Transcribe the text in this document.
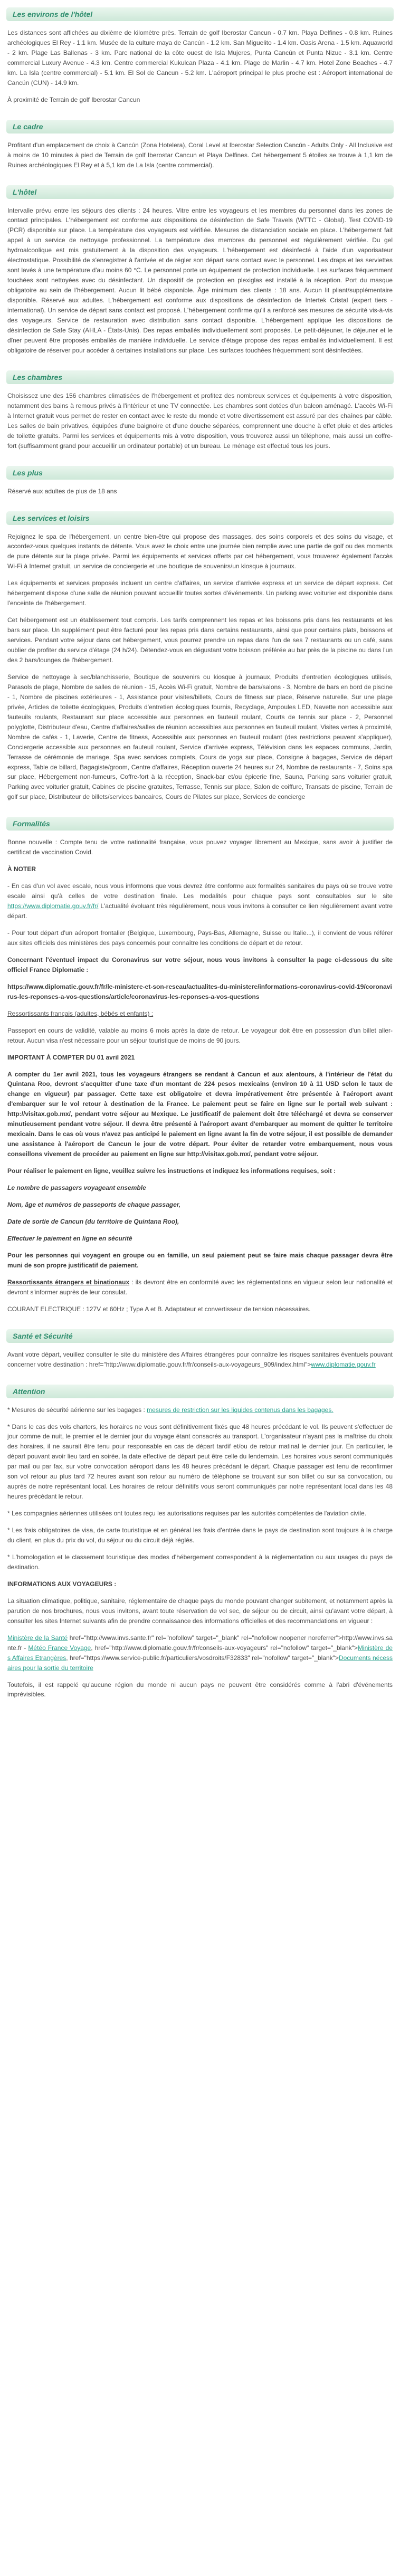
Les environs de l'hôtel

Les distances sont affichées au dixième de kilomètre près. Terrain de golf Iberostar Cancun - 0.7 km. Playa Delfines - 0.8 km. Ruines archéologiques El Rey - 1.1 km. Musée de la culture maya de Cancún - 1.2 km. San Miguelito - 1.4 km. Oasis Arena - 1.5 km. Aquaworld - 2 km. Plage Las Ballenas - 3 km. Parc national de la côte ouest de Isla Mujeres, Punta Cancún et Punta Nizuc - 3.1 km. Centre commercial Luxury Avenue - 4.3 km. Centre commercial Kukulcan Plaza - 4.1 km. Plage de Marlin - 4.7 km. Hotel Zone Beaches - 4.7 km. La Isla (centre commercial) - 5.1 km. El Sol de Cancun - 5.2 km. L'aéroport principal le plus proche est : Aéroport international de Cancún (CUN) - 14.9 km.

À proximité de Terrain de golf Iberostar Cancun

Le cadre

Profitant d'un emplacement de choix à Cancún (Zona Hotelera), Coral Level at Iberostar Selection Cancún - Adults Only - All Inclusive est à moins de 10 minutes à pied de Terrain de golf Iberostar Cancun et Playa Delfines. Cet hébergement 5 étoiles se trouve à 1,1 km de Ruines archéologiques El Rey et à 5,1 km de La Isla (centre commercial).

L'hôtel

Intervalle prévu entre les séjours des clients : 24 heures. Vitre entre les voyageurs et les membres du personnel dans les zones de contact principales. L'hébergement est conforme aux dispositions de désinfection de Safe Travels (WTTC - Global). Test COVID-19 (PCR) disponible sur place. La température des voyageurs est vérifiée. Mesures de distanciation sociale en place. L'hébergement fait appel à un service de nettoyage professionnel. La température des membres du personnel est régulièrement vérifiée. Du gel hydroalcoolique est mis gratuitement à la disposition des voyageurs. L'hébergement est désinfecté à l'aide d'un vaporisateur électrostatique. Possibilité de s'enregistrer à l'arrivée et de régler son départ sans contact avec le personnel. Les draps et les serviettes sont lavés à une température d'au moins 60 °C. Le personnel porte un équipement de protection individuelle. Les surfaces fréquemment touchées sont nettoyées avec du désinfectant. Un dispositif de protection en plexiglas est installé à la réception. Port du masque obligatoire au sein de l'hébergement. Aucun lit bébé disponible. Âge minimum des clients : 18 ans. Aucun lit pliant/supplémentaire disponible. Réservé aux adultes. L'hébergement est conforme aux dispositions de désinfection de Intertek Cristal (expert tiers - international). Un service de départ sans contact est proposé. L'hébergement confirme qu'il a renforcé ses mesures de sécurité vis-à-vis des voyageurs. Service de restauration avec distribution sans contact disponible. L'hébergement applique les dispositions de désinfection de Safe Stay (AHLA - États-Unis). Des repas emballés individuellement sont proposés. Le petit-déjeuner, le déjeuner et le dîner peuvent être proposés emballés de manière individuelle. Le service d'étage propose des repas emballés individuellement. Il est obligatoire de réserver pour accéder à certaines installations sur place. Les surfaces touchées fréquemment sont désinfectées.

Les chambres

Choisissez une des 156 chambres climatisées de l'hébergement et profitez des nombreux services et équipements à votre disposition, notamment des bains à remous privés à l'intérieur et une TV connectée. Les chambres sont dotées d'un balcon aménagé. L'accès Wi-Fi à Internet gratuit vous permet de rester en contact avec le reste du monde et votre divertissement est assuré par des chaînes par câble. Les salles de bain privatives, équipées d'une baignoire et d'une douche séparées, comprennent une douche à effet pluie et des articles de toilette gratuits. Parmi les services et équipements mis à votre disposition, vous trouverez aussi un téléphone, mais aussi un coffre-fort (suffisamment grand pour accueillir un ordinateur portable) et un bureau. Le ménage est effectué tous les jours.

Les plus

Réservé aux adultes de plus de 18 ans

Les services et loisirs

Rejoignez le spa de l'hébergement, un centre bien-être qui propose des massages, des soins corporels et des soins du visage, et accordez-vous quelques instants de détente. Vous avez le choix entre une journée bien remplie avec une partie de golf ou des moments de pure détente sur la plage privée. Parmi les équipements et services offerts par cet hébergement, vous trouverez également l'accès Wi-Fi à Internet gratuit, un service de conciergerie et une boutique de souvenirs/un kiosque à journaux.

Les équipements et services proposés incluent un centre d'affaires, un service d'arrivée express et un service de départ express. Cet hébergement dispose d'une salle de réunion pouvant accueillir toutes sortes d'événements. Un parking avec voiturier est disponible dans l'enceinte de l'hébergement.

Cet hébergement est un établissement tout compris. Les tarifs comprennent les repas et les boissons pris dans les restaurants et les bars sur place. Un supplément peut être facturé pour les repas pris dans certains restaurants, ainsi que pour certains plats, boissons et services. Pendant votre séjour dans cet hébergement, vous pourrez prendre un repas dans l'un de ses 7 restaurants ou un café, sans oublier de profiter du service d'étage (24 h/24). Détendez-vous en dégustant votre boisson préférée au bar près de la piscine ou dans l'un des 2 bars/lounges de l'hébergement.

Service de nettoyage à sec/blanchisserie, Boutique de souvenirs ou kiosque à journaux, Produits d'entretien écologiques utilisés, Parasols de plage, Nombre de salles de réunion - 15, Accès Wi-Fi gratuit, Nombre de bars/salons - 3, Nombre de bars en bord de piscine - 1, Nombre de piscines extérieures - 1, Assistance pour visites/billets, Cours de fitness sur place, Réserve naturelle, Sur une plage privée, Articles de toilette écologiques, Produits d'entretien écologiques fournis, Recyclage, Ampoules LED, Navette non accessible aux fauteuils roulants, Restaurant sur place accessible aux personnes en fauteuil roulant, Courts de tennis sur place - 2, Personnel polyglotte, Distributeur d'eau, Centre d'affaires/salles de réunion accessibles aux personnes en fauteuil roulant, Visites vertes à proximité, Nombre de cafés - 1, Laverie, Centre de fitness, Accessible aux personnes en fauteuil roulant (des restrictions peuvent s'appliquer), Conciergerie accessible aux personnes en fauteuil roulant, Service d'arrivée express, Télévision dans les espaces communs, Jardin, Terrasse de cérémonie de mariage, Spa avec services complets, Cours de yoga sur place, Consigne à bagages, Service de départ express, Table de billard, Bagagiste/groom, Centre d'affaires, Réception ouverte 24 heures sur 24, Nombre de restaurants - 7, Soins spa sur place, Hébergement non-fumeurs, Coffre-fort à la réception, Snack-bar et/ou épicerie fine, Sauna, Parking sans voiturier gratuit, Parking avec voiturier gratuit, Cabines de piscine gratuites, Terrasse, Tennis sur place, Salon de coiffure, Transats de piscine, Terrain de golf sur place, Distributeur de billets/services bancaires, Cours de Pilates sur place, Services de concierge

Formalités

Bonne nouvelle : Compte tenu de votre nationalité française, vous pouvez voyager librement au Mexique, sans avoir à justifier de certificat de vaccination Covid.

À NOTER

- En cas d'un vol avec escale, nous vous informons que vous devrez être conforme aux formalités sanitaires du pays où se trouve votre escale ainsi qu'à celles de votre destination finale. Les modalités pour chaque pays sont consultables sur le site https://www.diplomatie.gouv.fr/fr/ L'actualité évoluant très régulièrement, nous vous invitons à consulter ce lien régulièrement avant votre départ.

- Pour tout départ d'un aéroport frontalier (Belgique, Luxembourg, Pays-Bas, Allemagne, Suisse ou Italie...), il convient de vous référer aux sites officiels des ministères des pays concernés pour connaître les conditions de départ et de retour.

Concernant l'éventuel impact du Coronavirus sur votre séjour, nous vous invitons à consulter la page ci-dessous du site officiel France Diplomatie :

https://www.diplomatie.gouv.fr/fr/le-ministere-et-son-reseau/actualites-du-ministere/informations-coronavirus-covid-19/coronavirus-les-reponses-a-vos-questions/article/coronavirus-les-reponses-a-vos-questions

Ressortissants français (adultes, bébés et enfants) :

Passeport en cours de validité, valable au moins 6 mois après la date de retour. Le voyageur doit être en possession d'un billet aller-retour. Aucun visa n'est nécessaire pour un séjour touristique de moins de 90 jours.

IMPORTANT À COMPTER DU 01 avril 2021

A compter du 1er avril 2021, tous les voyageurs étrangers se rendant à Cancun et aux alentours, à l'intérieur de l'état du Quintana Roo, devront s'acquitter d'une taxe d'un montant de 224 pesos mexicains (environ 10 à 11 USD selon le taux de change en vigueur) par passager. Cette taxe est obligatoire et devra impérativement être présentée à l'aéroport avant d'embarquer sur le vol retour à destination de la France. Le paiement peut se faire en ligne sur le portail web suivant : http://visitax.gob.mx/, pendant votre séjour au Mexique. Le justificatif de paiement doit être téléchargé et devra se conserver minutieusement pendant votre séjour. Il devra être présenté à l'aéroport avant d'embarquer au moment de quitter le territoire mexicain. Dans le cas où vous n'avez pas anticipé le paiement en ligne avant la fin de votre séjour, il est possible de demander une assistance à l'aéroport de Cancun le jour de votre départ. Pour éviter de retarder votre embarquement, nous vous conseillons vivement de procéder au paiement en ligne sur http://visitax.gob.mx/, pendant votre séjour.

Pour réaliser le paiement en ligne, veuillez suivre les instructions et indiquez les informations requises, soit :

Le nombre de passagers voyageant ensemble

Nom, âge et numéros de passeports de chaque passager,

Date de sortie de Cancun (du territoire de Quintana Roo),

Effectuer le paiement en ligne en sécurité

Pour les personnes qui voyagent en groupe ou en famille, un seul paiement peut se faire mais chaque passager devra être muni de son propre justificatif de paiement.

Ressortissants étrangers et binationaux : ils devront être en conformité avec les réglementations en vigueur selon leur nationalité et devront s'informer auprès de leur consulat.

COURANT ELECTRIQUE : 127V et 60Hz ; Type A et B. Adaptateur et convertisseur de tension nécessaires.

Santé et Sécurité

Avant votre départ, veuillez consulter le site du ministère des Affaires étrangères pour connaître les risques sanitaires éventuels pouvant concerner votre destination : href="http://www.diplomatie.gouv.fr/fr/conseils-aux-voyageurs_909/index.html">www.diplomatie.gouv.fr

Attention

* Mesures de sécurité aérienne sur les bagages : mesures de restriction sur les liquides contenus dans les bagages.

* Dans le cas des vols charters, les horaires ne vous sont définitivement fixés que 48 heures précédant le vol. Ils peuvent s'effectuer de jour comme de nuit, le premier et le dernier jour du voyage étant consacrés au transport. L'organisateur n'ayant pas la maîtrise du choix des horaires, il ne saurait être tenu pour responsable en cas de départ tardif et/ou de retour matinal le dernier jour. En particulier, le départ pouvant avoir lieu tard en soirée, la date effective de départ peut être celle du lendemain. Les horaires vous seront communiqués par mail ou par fax, sur votre convocation aéroport dans les 48 heures précédant le départ. Chaque passager est tenu de reconfirmer son vol retour au plus tard 72 heures avant son retour au numéro de téléphone se trouvant sur son billet ou sur sa convocation, ou auprès de notre représentant local. Les horaires de retour définitifs vous seront communiqués par notre représentant local dans les 48 heures précédant le retour.

* Les compagnies aériennes utilisées ont toutes reçu les autorisations requises par les autorités compétentes de l'aviation civile.

* Les frais obligatoires de visa, de carte touristique et en général les frais d'entrée dans le pays de destination sont toujours à la charge du client, en plus du prix du vol, du séjour ou du circuit déjà réglés.

* L'homologation et le classement touristique des modes d'hébergement correspondent à la réglementation ou aux usages du pays de destination.

INFORMATIONS AUX VOYAGEURS :

La situation climatique, politique, sanitaire, réglementaire de chaque pays du monde pouvant changer subitement, et notamment après la parution de nos brochures, nous vous invitons, avant toute réservation de vol sec, de séjour ou de circuit, ainsi qu'avant votre départ, à consulter les sites Internet suivants afin de prendre connaissance des informations officielles et des recommandations en vigueur :

Ministère de la Santé href="http://www.invs.sante.fr" rel="nofollow" target="_blank" rel="nofollow noopener noreferrer">http://www.invs.sante.fr - Météo France Voyage, href="http://www.diplomatie.gouv.fr/fr/conseils-aux-voyageurs" rel="nofollow" target="_blank">Ministère des Affaires Etrangères, href="https://www.service-public.fr/particuliers/vosdroits/F32833" rel="nofollow" target="_blank">Documents nécessaires pour la sortie du territoire

Toutefois, il est rappelé qu'aucune région du monde ni aucun pays ne peuvent être considérés comme à l'abri d'événements imprévisibles.
